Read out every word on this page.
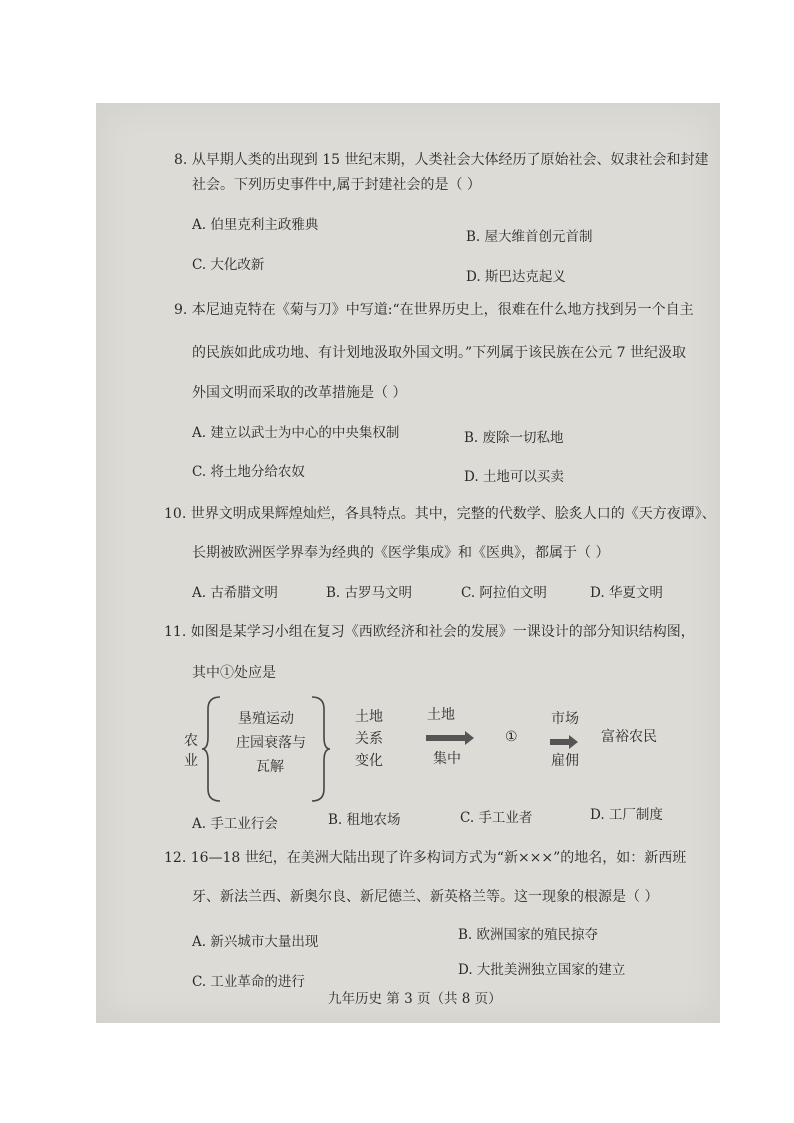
8. 从早期人类的出现到 15 世纪末期，人类社会大体经历了原始社会、奴隶社会和封建
社会。下列历史事件中,属于封建社会的是（ ）
A. 伯里克利主政雅典
B. 屋大维首创元首制
C. 大化改新
D. 斯巴达克起义
9. 本尼迪克特在《菊与刀》中写道:“在世界历史上，很难在什么地方找到另一个自主
的民族如此成功地、有计划地汲取外国文明。”下列属于该民族在公元 7 世纪汲取
外国文明而采取的改革措施是（ ）
A. 建立以武士为中心的中央集权制	B. 废除一切私地
C. 将土地分给农奴	D. 土地可以买卖
10. 世界文明成果辉煌灿烂，各具特点。其中，完整的代数学、脍炙人口的《天方夜谭》、
长期被欧洲医学界奉为经典的《医学集成》和《医典》，都属于（ ）
A. 古希腊文明	B. 古罗马文明	C. 阿拉伯文明	D. 华夏文明
11. 如图是某学习小组在复习《西欧经济和社会的发展》一课设计的部分知识结构图，
其中①处应是
农
业
垦殖运动
庄园衰落与
瓦解
土地
关系
变化
土地
集中
①
市场
雇佣
富裕农民
A. 手工业行会	B. 租地农场	C. 手工业者	D. 工厂制度
12. 16—18 世纪，在美洲大陆出现了许多构词方式为“新×××”的地名，如：新西班
牙、新法兰西、新奥尔良、新尼德兰、新英格兰等。这一现象的根源是（ ）
A. 新兴城市大量出现	B. 欧洲国家的殖民掠夺
C. 工业革命的进行
D. 大批美洲独立国家的建立
九年历史 第 3 页（共 8 页）
